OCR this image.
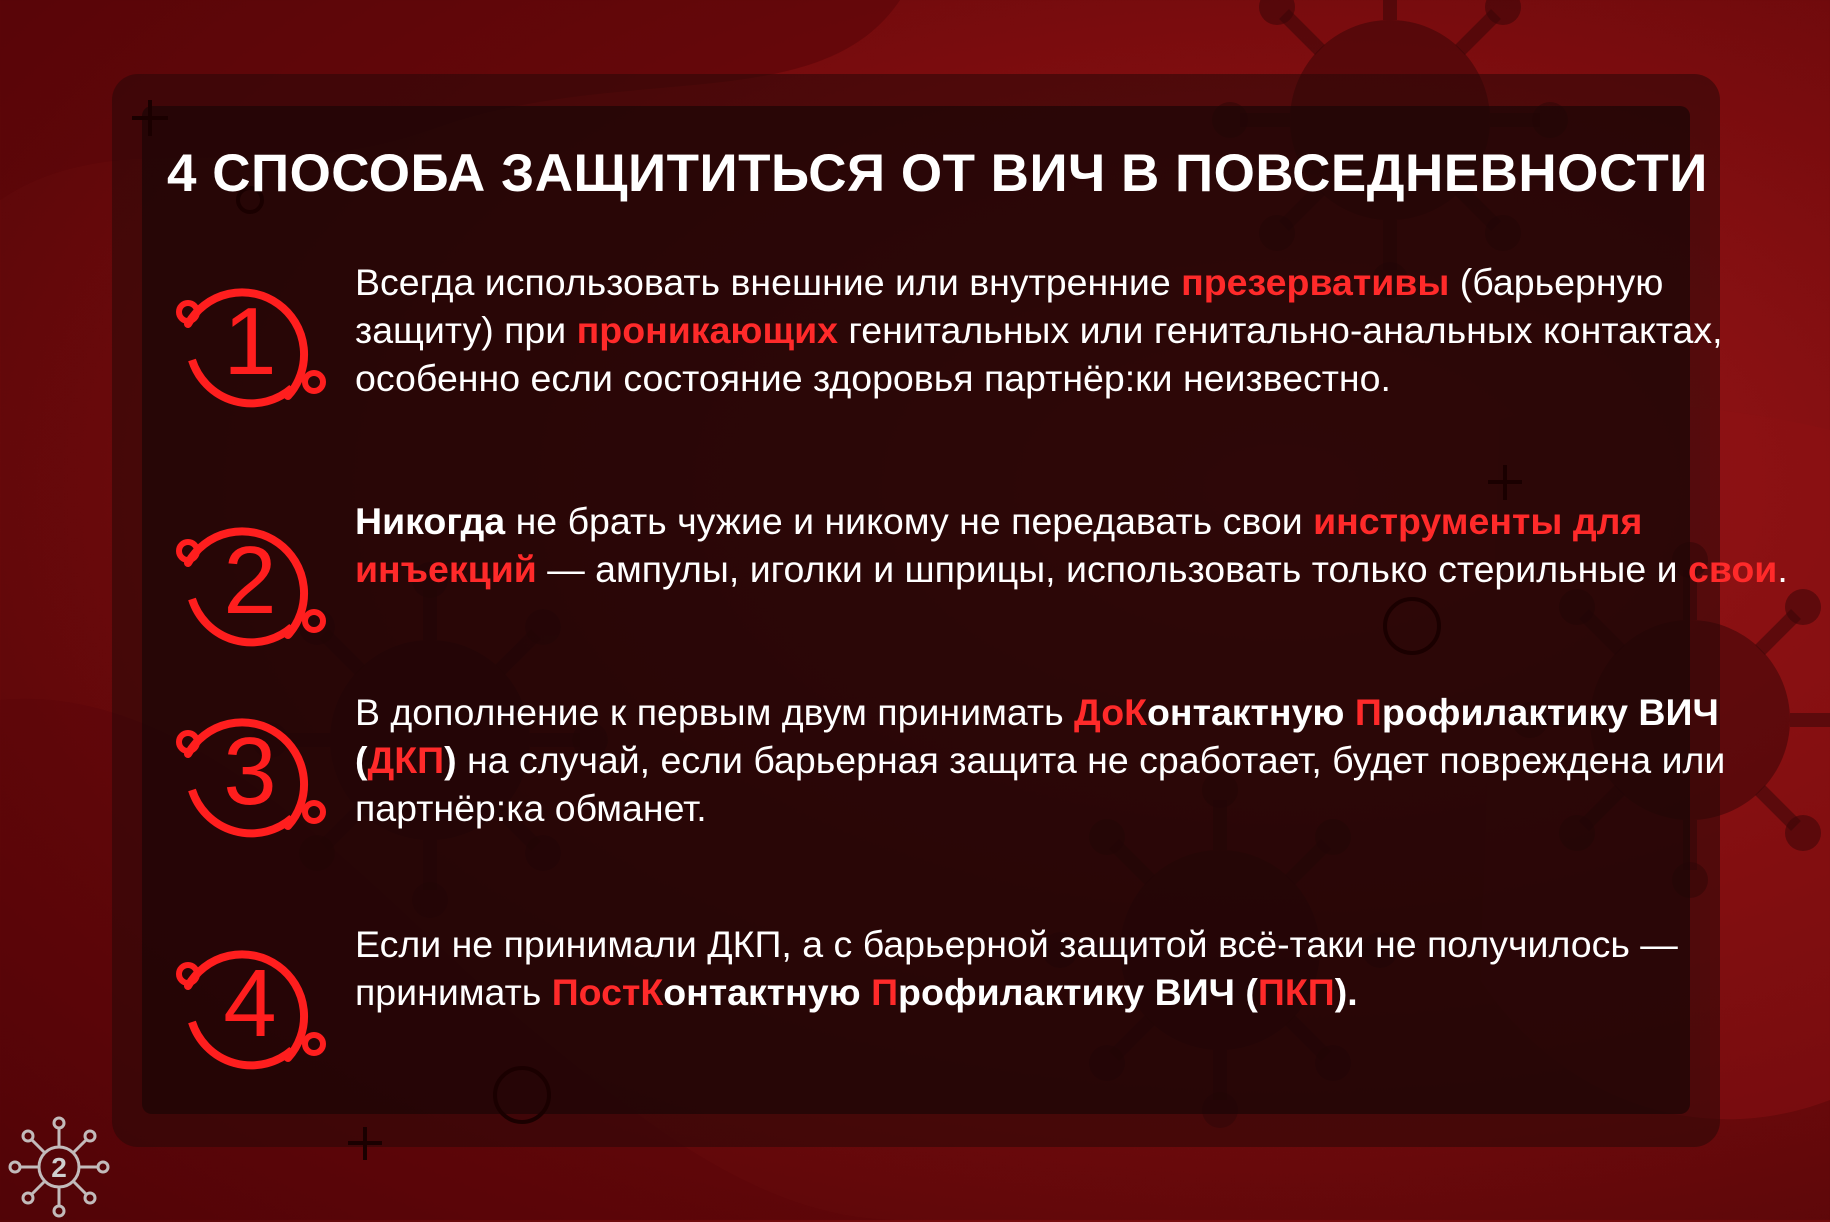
4 СПОСОБА ЗАЩИТИТЬСЯ ОТ ВИЧ В ПОВСЕДНЕВНОСТИ
1
Всегда использовать внешние или внутренние презервативы (барьерную защиту) при проникающих генитальных или генитально-анальных контактах, особенно если состояние здоровья партнёр:ки неизвестно.
2
Никогда не брать чужие и никому не передавать свои инструменты для инъекций — ампулы, иголки и шприцы, использовать только стерильные и свои.
3
В дополнение к первым двум принимать ДоКонтактную Профилактику ВИЧ (ДКП) на случай, если барьерная защита не сработает, будет повреждена или партнёр:ка обманет.
4
Если не принимали ДКП, а с барьерной защитой всё-таки не получилось — принимать ПостКонтактную Профилактику ВИЧ (ПКП).
2
